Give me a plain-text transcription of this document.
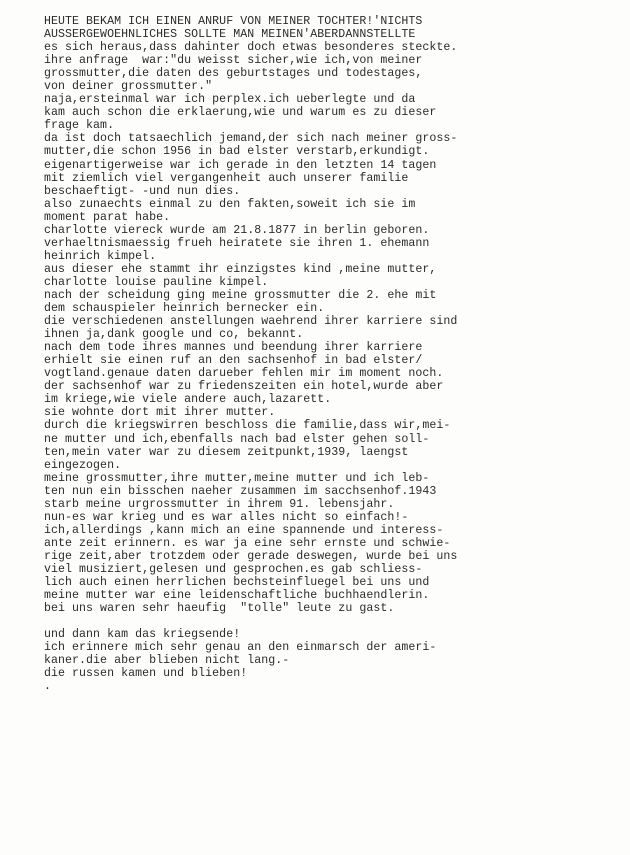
HEUTE BEKAM ICH EINEN ANRUF VON MEINER TOCHTER!'NICHTS
AUSSERGEWOEHNLICHES SOLLTE MAN MEINEN'ABERDANNSTELLTE
es sich heraus,dass dahinter doch etwas besonderes steckte.
ihre anfrage  war:"du weisst sicher,wie ich,von meiner
grossmutter,die daten des geburtstages und todestages,
von deiner grossmutter."
naja,ersteinmal war ich perplex.ich ueberlegte und da
kam auch schon die erklaerung,wie und warum es zu dieser
frage kam.
da ist doch tatsaechlich jemand,der sich nach meiner gross-
mutter,die schon 1956 in bad elster verstarb,erkundigt.
eigenartigerweise war ich gerade in den letzten 14 tagen
mit ziemlich viel vergangenheit auch unserer familie
beschaeftigt- -und nun dies.
also zunaechts einmal zu den fakten,soweit ich sie im
moment parat habe.
charlotte viereck wurde am 21.8.1877 in berlin geboren.
verhaeltnismaessig frueh heiratete sie ihren 1. ehemann
heinrich kimpel.
aus dieser ehe stammt ihr einzigstes kind ,meine mutter,
charlotte louise pauline kimpel.
nach der scheidung ging meine grossmutter die 2. ehe mit
dem schauspieler heinrich bernecker ein.
die verschiedenen anstellungen waehrend ihrer karriere sind
ihnen ja,dank google und co, bekannt.
nach dem tode ihres mannes und beendung ihrer karriere
erhielt sie einen ruf an den sachsenhof in bad elster/
vogtland.genaue daten darueber fehlen mir im moment noch.
der sachsenhof war zu friedenszeiten ein hotel,wurde aber
im kriege,wie viele andere auch,lazarett.
sie wohnte dort mit ihrer mutter.
durch die kriegswirren beschloss die familie,dass wir,mei-
ne mutter und ich,ebenfalls nach bad elster gehen soll-
ten,mein vater war zu diesem zeitpunkt,1939, laengst
eingezogen.
meine grossmutter,ihre mutter,meine mutter und ich leb-
ten nun ein bisschen naeher zusammen im sacchsenhof.1943
starb meine urgrossmutter in ihrem 91. lebensjahr.
nun-es war krieg und es war alles nicht so einfach!-
ich,allerdings ,kann mich an eine spannende und interess-
ante zeit erinnern. es war ja eine sehr ernste und schwie-
rige zeit,aber trotzdem oder gerade deswegen, wurde bei uns
viel musiziert,gelesen und gesprochen.es gab schliess-
lich auch einen herrlichen bechsteinfluegel bei uns und
meine mutter war eine leidenschaftliche buchhaendlerin.
bei uns waren sehr haeufig  "tolle" leute zu gast.
und dann kam das kriegsende!
ich erinnere mich sehr genau an den einmarsch der ameri-
kaner.die aber blieben nicht lang.-
die russen kamen und blieben!
.
